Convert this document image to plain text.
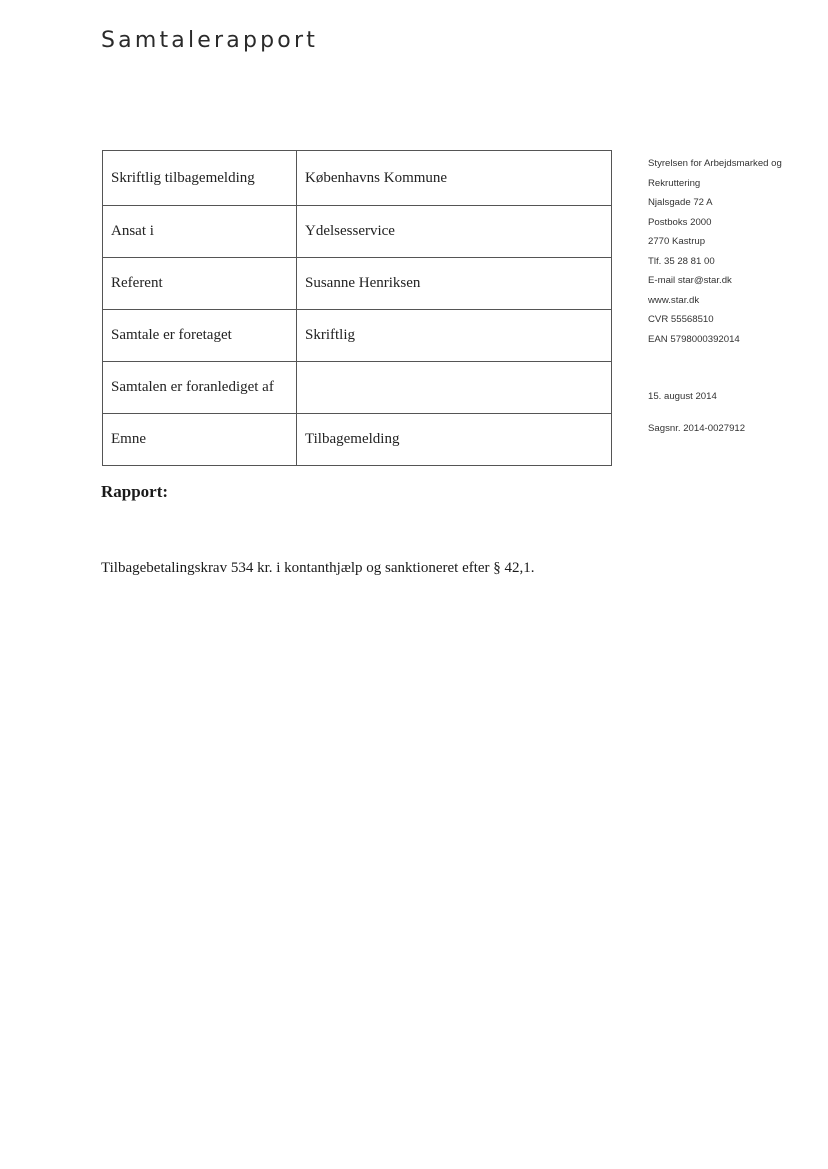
Samtalerapport
Skriftlig tilbagemelding	Københavns Kommune
Ansat i	Ydelsesservice
Referent	Susanne Henriksen
Samtale er foretaget	Skriftlig
Samtalen er foranlediget af	
Emne	Tilbagemelding
Styrelsen for Arbejdsmarked og
Rekruttering
Njalsgade 72 A
Postboks 2000
2770 Kastrup
Tlf. 35 28 81 00
E-mail star@star.dk
www.star.dk
CVR 55568510
EAN 5798000392014
15. august 2014
Sagsnr. 2014-0027912
Rapport:

Tilbagebetalingskrav 534 kr. i kontanthjælp og sanktioneret efter § 42,1.
